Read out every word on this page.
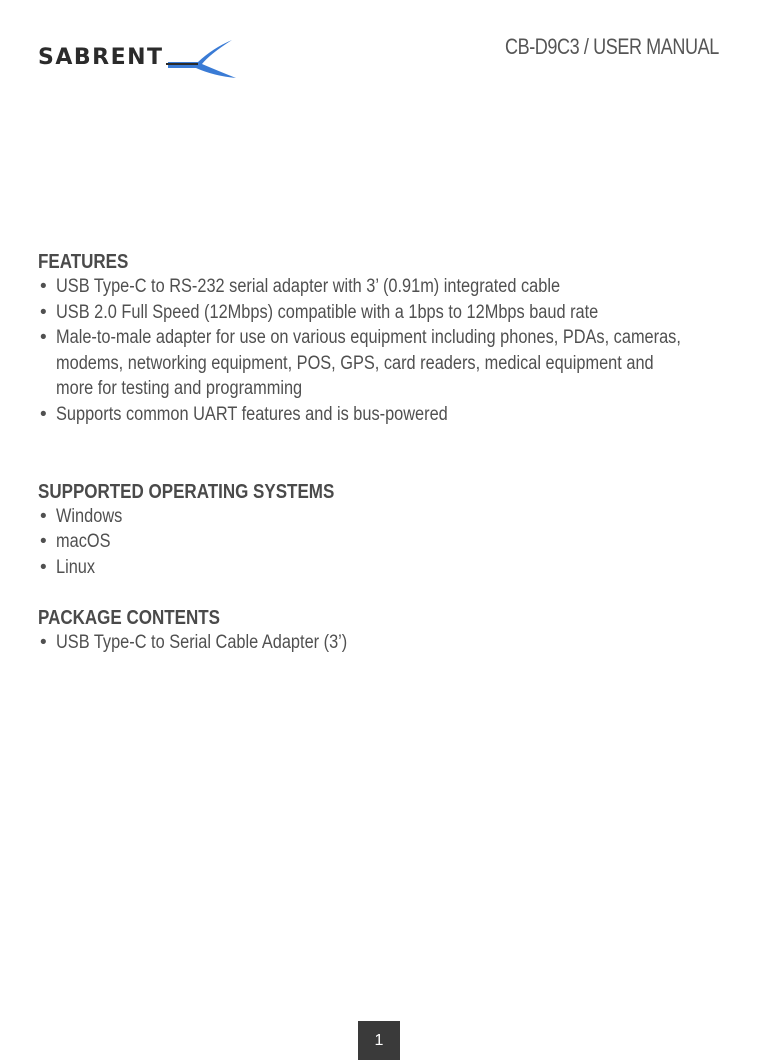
SABRENT	CB-D9C3 / USER MANUAL
FEATURES
• USB Type-C to RS-232 serial adapter with 3’ (0.91m) integrated cable
• USB 2.0 Full Speed (12Mbps) compatible with a 1bps to 12Mbps baud rate
• Male-to-male adapter for use on various equipment including phones, PDAs, cameras, modems, networking equipment, POS, GPS, card readers, medical equipment and more for testing and programming
• Supports common UART features and is bus-powered
SUPPORTED OPERATING SYSTEMS
• Windows
• macOS
• Linux
PACKAGE CONTENTS
• USB Type-C to Serial Cable Adapter (3’)
1
